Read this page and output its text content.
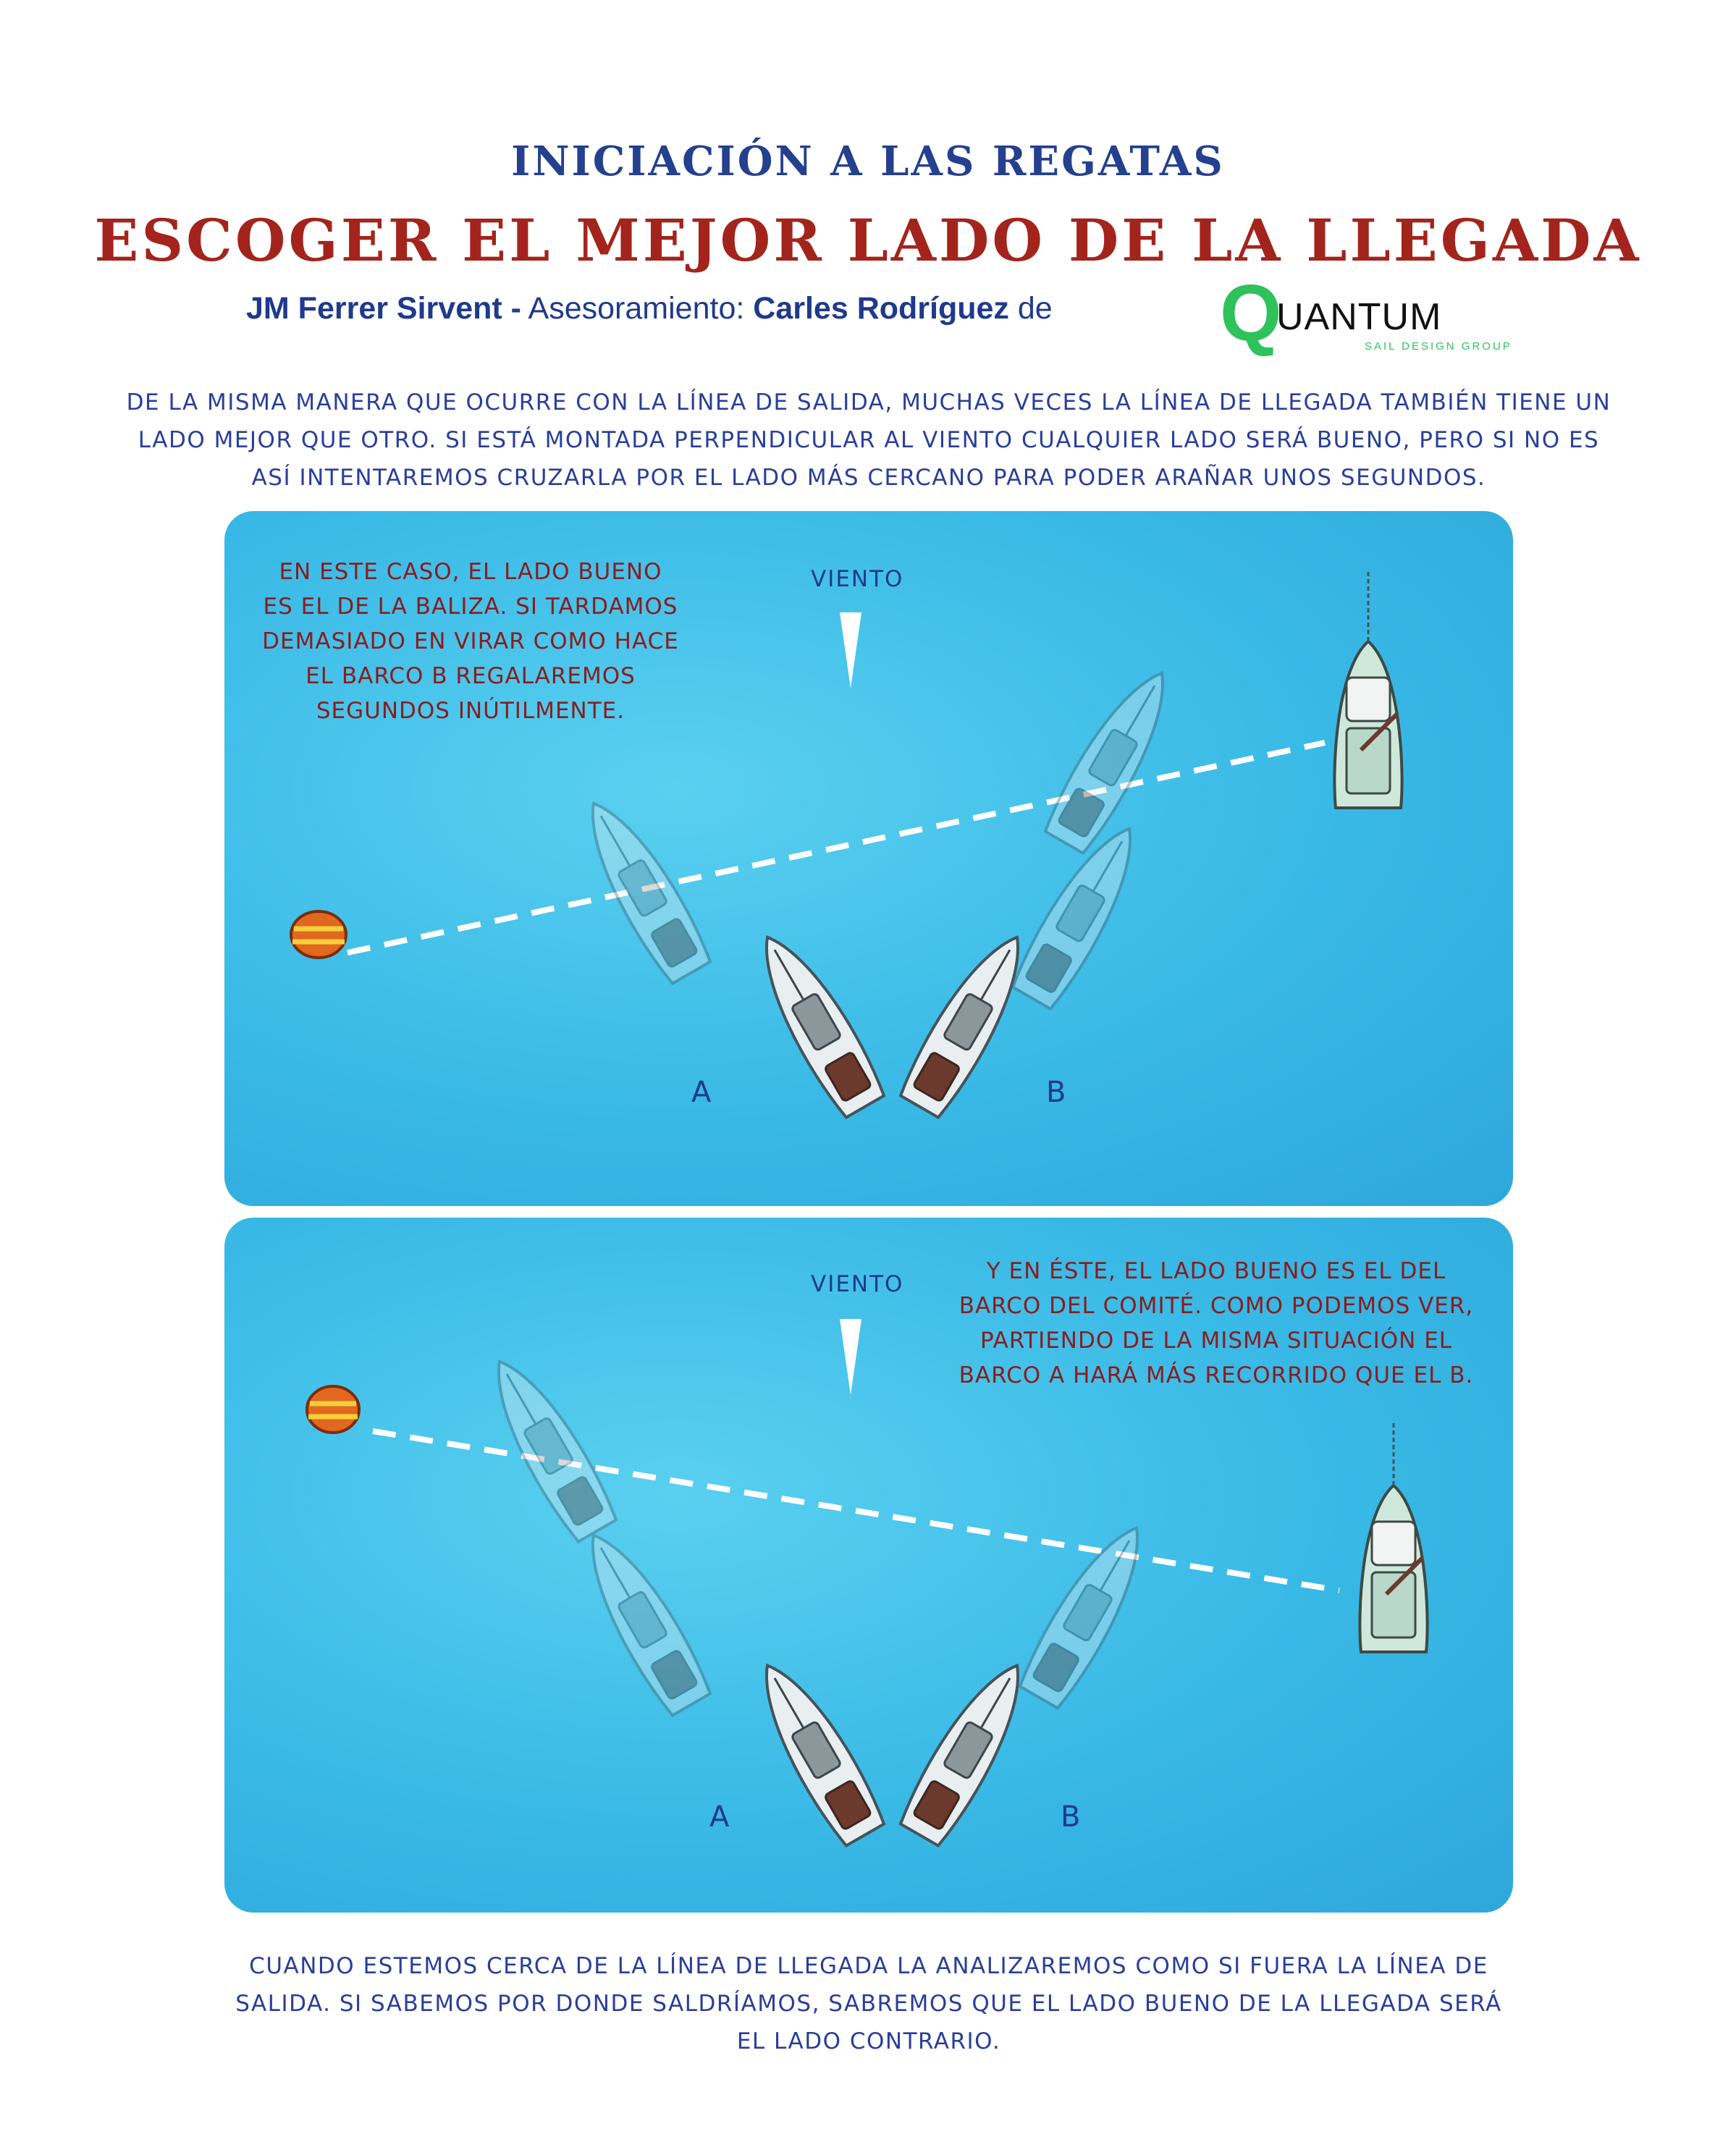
INICIACIÓN A LAS REGATAS
ESCOGER EL MEJOR LADO DE LA LLEGADA
JM Ferrer Sirvent - Asesoramiento: Carles Rodríguez de Q
UANTUM
SAIL DESIGN GROUP
DE LA MISMA MANERA QUE OCURRE CON LA LÍNEA DE SALIDA, MUCHAS VECES LA LÍNEA DE LLEGADA TAMBIÉN TIENE UN LADO MEJOR QUE OTRO. SI ESTÁ MONTADA PERPENDICULAR AL VIENTO CUALQUIER LADO SERÁ BUENO, PERO SI NO ES ASÍ INTENTAREMOS CRUZARLA POR EL LADO MÁS CERCANO PARA PODER ARAÑAR UNOS SEGUNDOS.
VIENTO
EN ESTE CASO, EL LADO BUENO ES EL DE LA BALIZA. SI TARDAMOS DEMASIADO EN VIRAR COMO HACE EL BARCO B REGALAREMOS SEGUNDOS INÚTILMENTE.
A	B
VIENTO	Y EN ÉSTE, EL LADO BUENO ES EL DEL BARCO DEL COMITÉ. COMO PODEMOS VER, PARTIENDO DE LA MISMA SITUACIÓN EL BARCO A HARÁ MÁS RECORRIDO QUE EL B.
A	B
CUANDO ESTEMOS CERCA DE LA LÍNEA DE LLEGADA LA ANALIZAREMOS COMO SI FUERA LA LÍNEA DE SALIDA. SI SABEMOS POR DONDE SALDRÍAMOS, SABREMOS QUE EL LADO BUENO DE LA LLEGADA SERÁ EL LADO CONTRARIO.
